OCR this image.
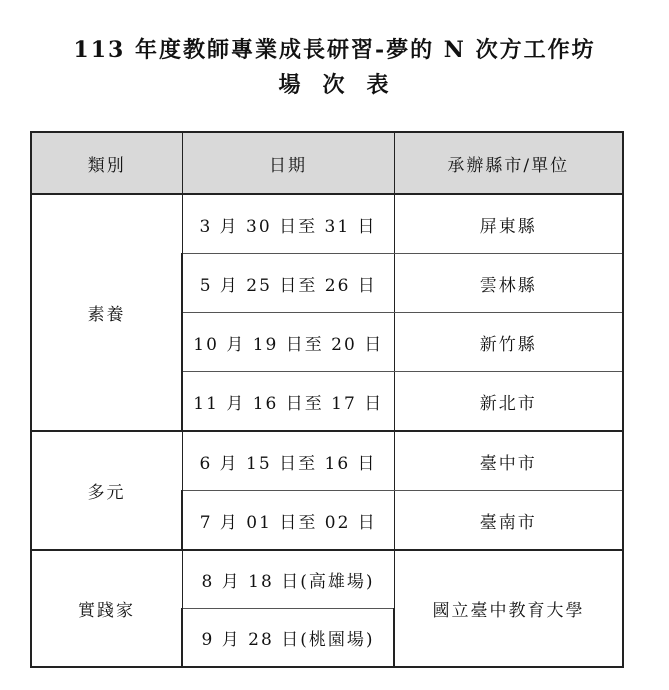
113 年度教師專業成長研習-夢的 N 次方工作坊
場次表
類別	日期	承辦縣市/單位
素養	3 月 30 日至 31 日	屏東縣
	5 月 25 日至 26 日	雲林縣
	10 月 19 日至 20 日	新竹縣
	11 月 16 日至 17 日	新北市
多元	6 月 15 日至 16 日	臺中市
	7 月 01 日至 02 日	臺南市
實踐家	8 月 18 日(高雄場)	國立臺中教育大學
	9 月 28 日(桃園場)	
